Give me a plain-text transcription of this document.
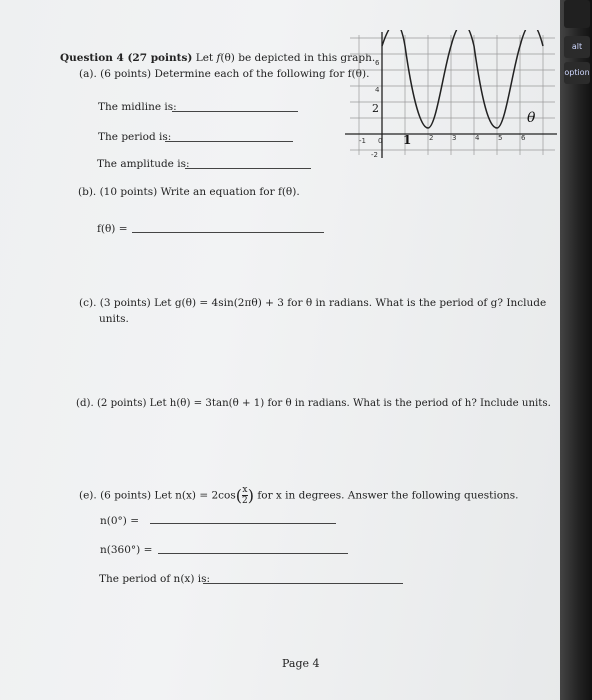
Question 4 (27 points) Let f(θ) be depicted in this graph.
(a). (6 points) Determine each of the following for f(θ).
The midline is:
The period is:
The amplitude is:
(b). (10 points) Write an equation for f(θ).
f(θ) =
(c). (3 points) Let g(θ) = 4sin(2πθ) + 3 for θ in radians. What is the period of g? Include
units.
(d). (2 points) Let h(θ) = 3tan(θ + 1) for θ in radians. What is the period of h? Include units.
(e). (6 points) Let $n(x) = 2\cos( \frac{x}{2}$ ) for x in degrees. Answer the following questions.
n(0°) =
n(360°) =
The period of n(x) is:
Page 4
6
4
-2
-1 0	2	3	4	5	6
2
θ
1
alt
option
